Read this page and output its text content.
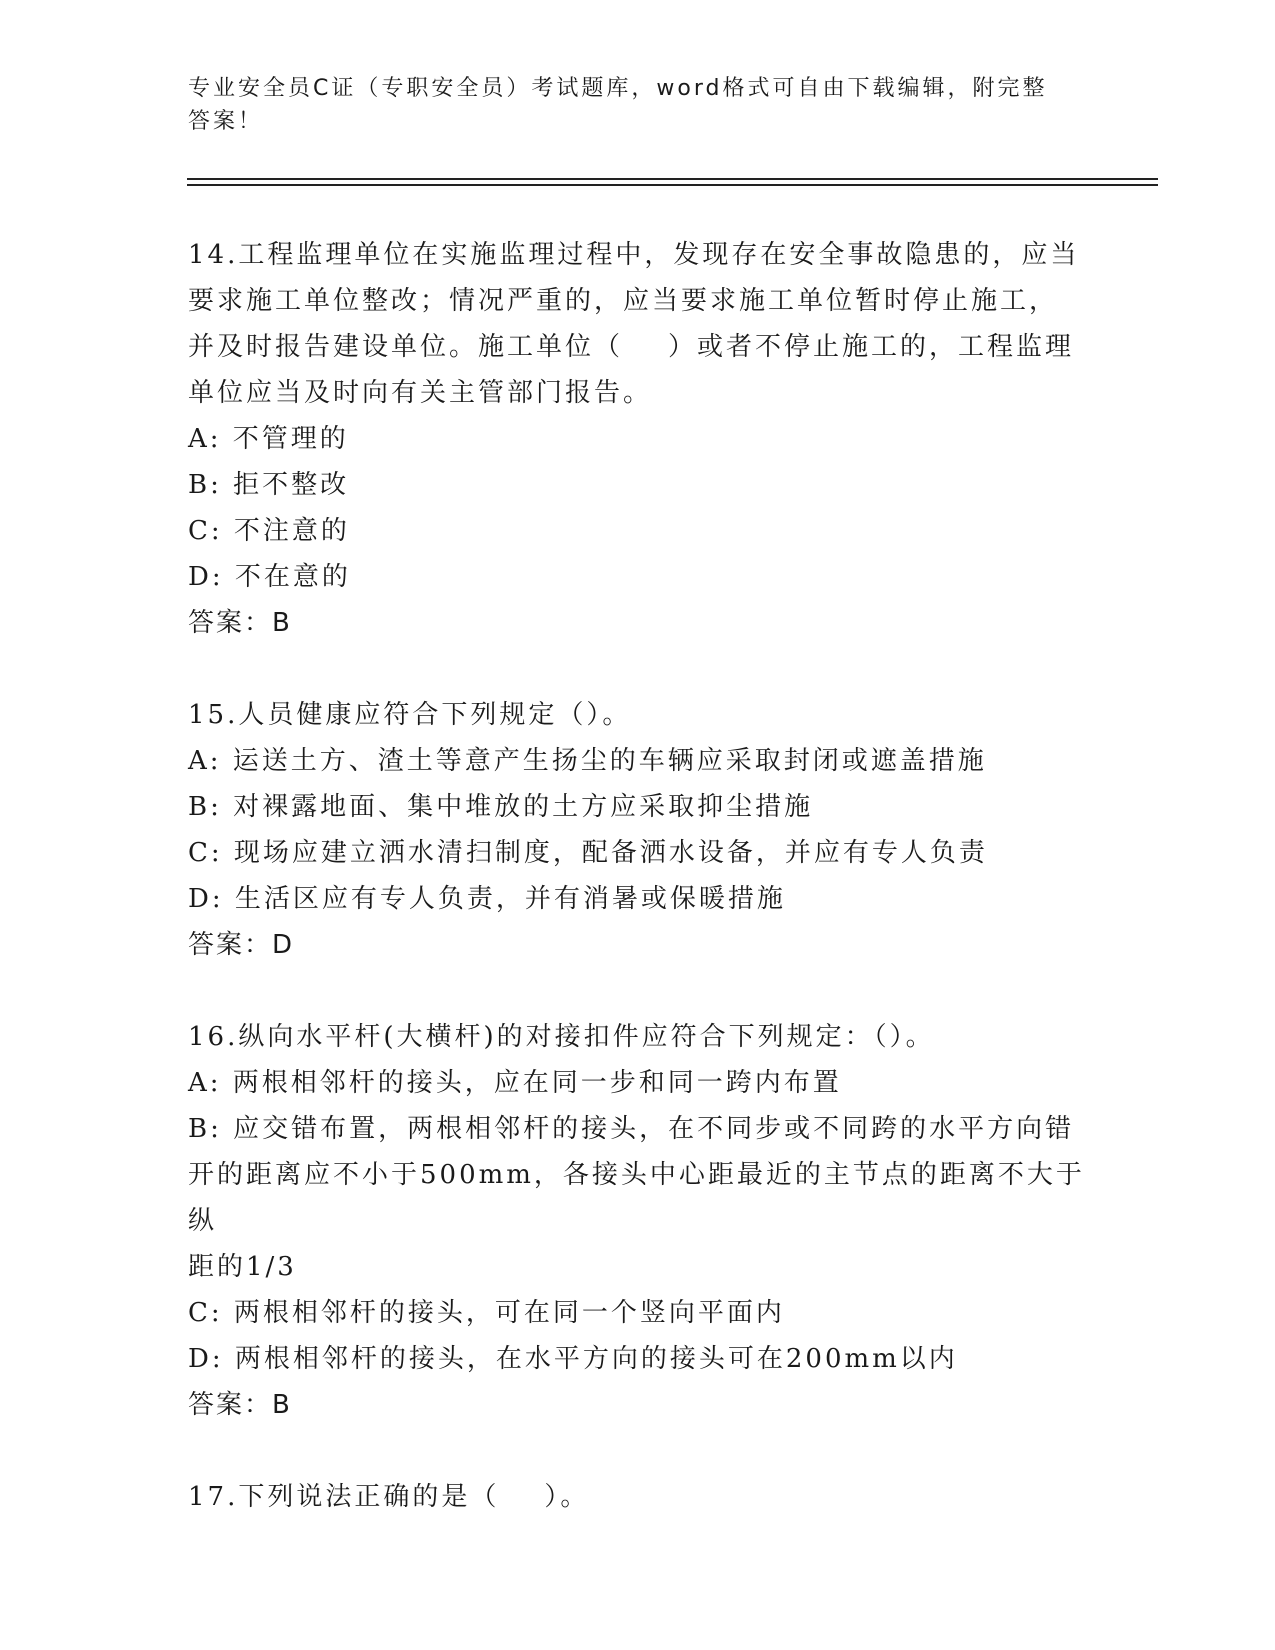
专业安全员C证（专职安全员）考试题库，word格式可自由下载编辑，附完整答案！
14.工程监理单位在实施监理过程中，发现存在安全事故隐患的，应当
要求施工单位整改；情况严重的，应当要求施工单位暂时停止施工，
并及时报告建设单位。施工单位（    ）或者不停止施工的，工程监理
单位应当及时向有关主管部门报告。
A: 不管理的
B: 拒不整改
C: 不注意的
D: 不在意的
答案：B
15.人员健康应符合下列规定（）。
A: 运送土方、渣土等意产生扬尘的车辆应采取封闭或遮盖措施
B: 对裸露地面、集中堆放的土方应采取抑尘措施
C: 现场应建立洒水清扫制度，配备洒水设备，并应有专人负责
D: 生活区应有专人负责，并有消暑或保暖措施
答案：D
16.纵向水平杆(大横杆)的对接扣件应符合下列规定：（）。
A: 两根相邻杆的接头，应在同一步和同一跨内布置
B: 应交错布置，两根相邻杆的接头，在不同步或不同跨的水平方向错
开的距离应不小于500mm，各接头中心距最近的主节点的距离不大于纵
距的1/3
C: 两根相邻杆的接头，可在同一个竖向平面内
D: 两根相邻杆的接头，在水平方向的接头可在200mm以内
答案：B
17.下列说法正确的是（    ）。
